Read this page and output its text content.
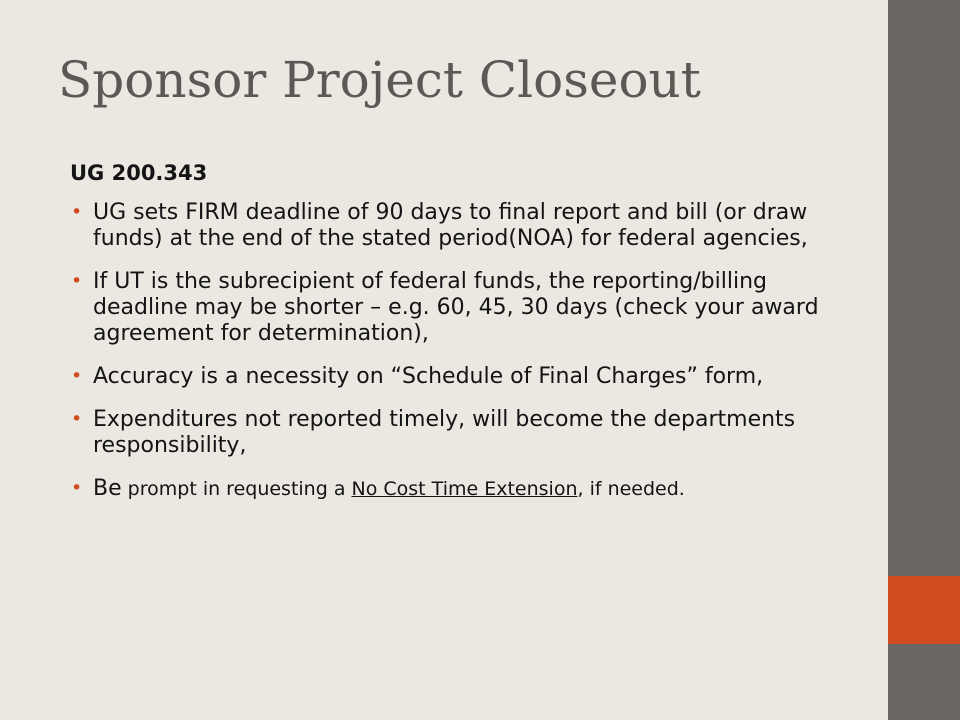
Sponsor Project Closeout
UG 200.343
• UG sets FIRM deadline of 90 days to final report and bill (or draw funds) at the end of the stated period(NOA) for federal agencies,
• If UT is the subrecipient of federal funds, the reporting/billing deadline may be shorter – e.g. 60, 45, 30 days (check your award agreement for determination),
• Accuracy is a necessity on “Schedule of Final Charges” form,
• Expenditures not reported timely, will become the departments responsibility,
• Be prompt in requesting a No Cost Time Extension, if needed.
